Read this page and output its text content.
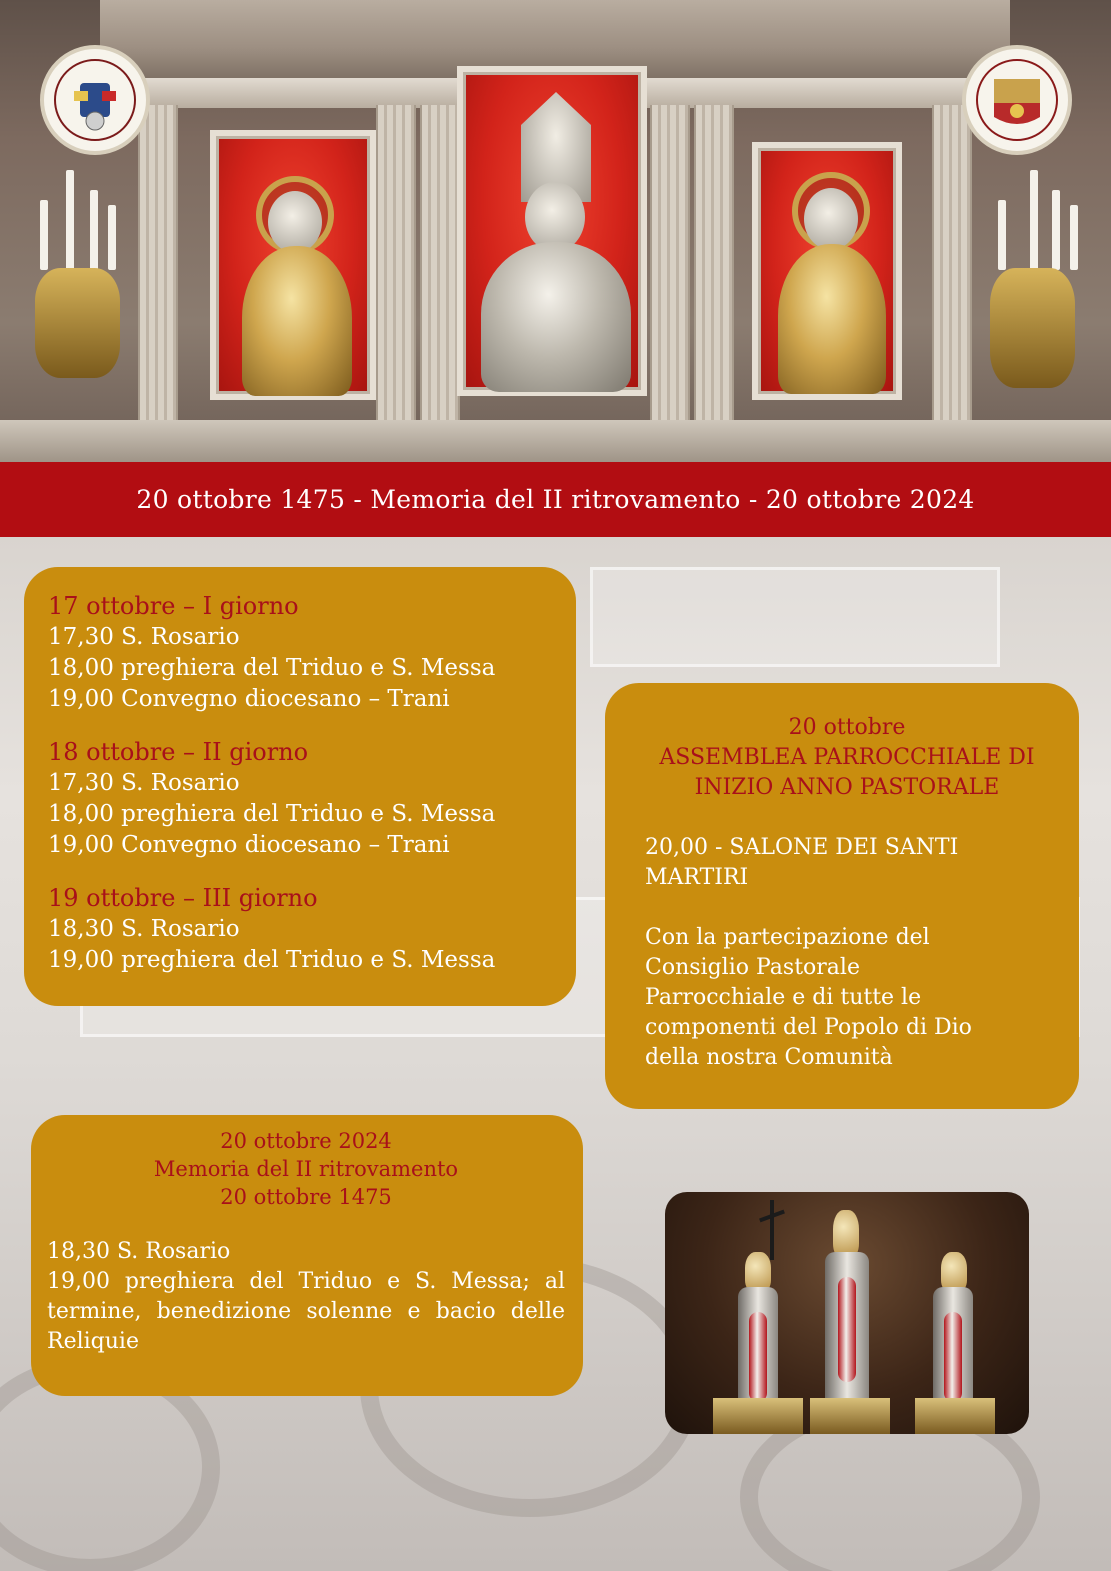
20 ottobre 1475 - Memoria del II ritrovamento - 20 ottobre 2024
17 ottobre – I giorno
17,30 S. Rosario
18,00 preghiera del Triduo e S. Messa
19,00 Convegno diocesano – Trani
18 ottobre – II giorno
17,30 S. Rosario
18,00 preghiera del Triduo e S. Messa
19,00 Convegno diocesano – Trani
19 ottobre – III giorno
18,30 S. Rosario
19,00 preghiera del Triduo e S. Messa
20 ottobre
ASSEMBLEA PARROCCHIALE DI
INIZIO ANNO PASTORALE
20,00 - SALONE DEI SANTI MARTIRI
Con la partecipazione del Consiglio Pastorale Parrocchiale e di tutte le componenti del Popolo di Dio della nostra Comunità
20 ottobre 2024
Memoria del II ritrovamento
20 ottobre 1475
18,30 S. Rosario
19,00 preghiera del Triduo e S. Messa; al termine, benedizione solenne e bacio delle Reliquie
